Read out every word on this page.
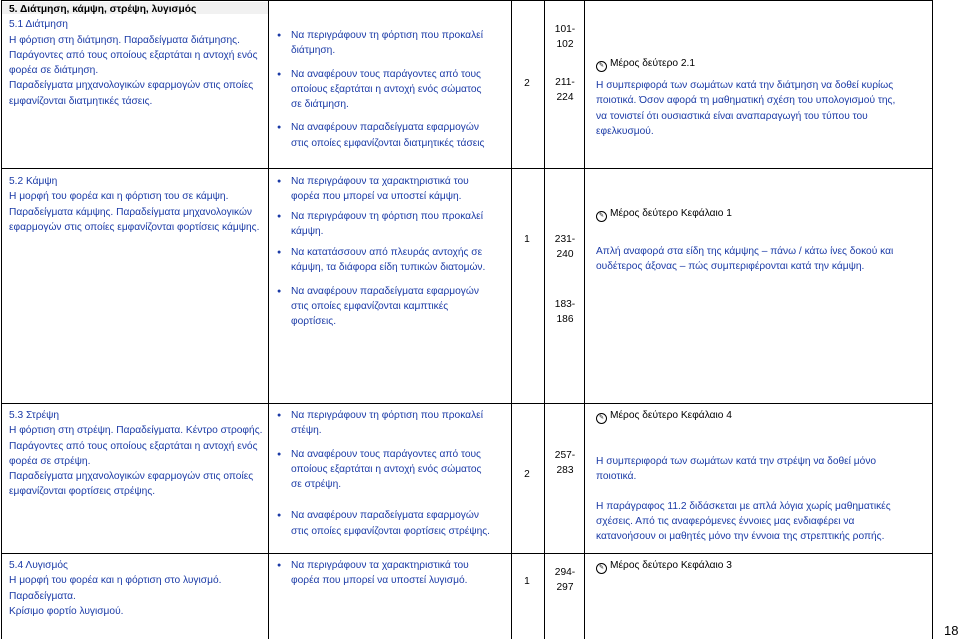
5. Διάτμηση, κάμψη, στρέψη, λυγισμός
5.1 Διάτμηση
Η φόρτιση στη διάτμηση. Παραδείγματα διάτμησης.
Παράγοντες από τους οποίους εξαρτάται η αντοχή ενός
φορέα σε διάτμηση.
Παραδείγματα μηχανολογικών εφαρμογών στις οποίες
εμφανίζονται διατμητικές τάσεις.
● Να περιγράφουν τη φόρτιση που προκαλεί
διάτμηση.
● Να αναφέρουν τους παράγοντες από τους
οποίους εξαρτάται η αντοχή ενός σώματος
σε διάτμηση.
● Να αναφέρουν παραδείγματα εφαρμογών
στις οποίες εμφανίζονται διατμητικές τάσεις
2
101-
102
211-
224
✎ Μέρος δεύτερο 2.1
Η συμπεριφορά των σωμάτων κατά την διάτμηση να δοθεί κυρίως
ποιοτικά. Όσον αφορά τη μαθηματική σχέση του υπολογισμού της,
να τονιστεί ότι ουσιαστικά είναι αναπαραγωγή του τύπου του
εφελκυσμού.
5.2 Κάμψη
Η μορφή του φορέα και η φόρτιση του σε κάμψη.
Παραδείγματα κάμψης. Παραδείγματα μηχανολογικών
εφαρμογών στις οποίες εμφανίζονται φορτίσεις κάμψης.
● Να περιγράφουν τα χαρακτηριστικά του
φορέα που μπορεί να υποστεί κάμψη.
● Να περιγράφουν τη φόρτιση που προκαλεί
κάμψη.
● Να κατατάσσουν από πλευράς αντοχής σε
κάμψη, τα διάφορα είδη τυπικών διατομών.
● Να αναφέρουν παραδείγματα εφαρμογών
στις οποίες εμφανίζονται καμπτικές
φορτίσεις.
1	231-
240
183-
186
✎ Μέρος δεύτερο Κεφάλαιο 1
Απλή αναφορά στα είδη της κάμψης – πάνω / κάτω ίνες δοκού και
ουδέτερος άξονας – πώς συμπεριφέρονται κατά την κάμψη.
5.3 Στρέψη
Η φόρτιση στη στρέψη. Παραδείγματα. Κέντρο στροφής.
Παράγοντες από τους οποίους εξαρτάται η αντοχή ενός
φορέα σε στρέψη.
Παραδείγματα μηχανολογικών εφαρμογών στις οποίες
εμφανίζονται φορτίσεις στρέψης.
● Να περιγράφουν τη φόρτιση που προκαλεί
στέψη.
● Να αναφέρουν τους παράγοντες από τους
οποίους εξαρτάται η αντοχή ενός σώματος
σε στρέψη.
● Να αναφέρουν παραδείγματα εφαρμογών
στις οποίες εμφανίζονται φορτίσεις στρέψης.
2
257-
283
✎ Μέρος δεύτερο Κεφάλαιο 4
Η συμπεριφορά των σωμάτων κατά την στρέψη να δοθεί μόνο
ποιοτικά.
Η παράγραφος 11.2 διδάσκεται με απλά λόγια χωρίς μαθηματικές
σχέσεις. Από τις αναφερόμενες έννοιες μας ενδιαφέρει να
κατανοήσουν οι μαθητές μόνο την έννοια της στρεπτικής ροπής.
5.4 Λυγισμός
Η μορφή του φορέα και η φόρτιση στο λυγισμό.
Παραδείγματα.
Κρίσιμο φορτίο λυγισμού.
● Να περιγράφουν τα χαρακτηριστικά του
φορέα που μπορεί να υποστεί λυγισμό.	1
294-
297
✎ Μέρος δεύτερο Κεφάλαιο 3
18
